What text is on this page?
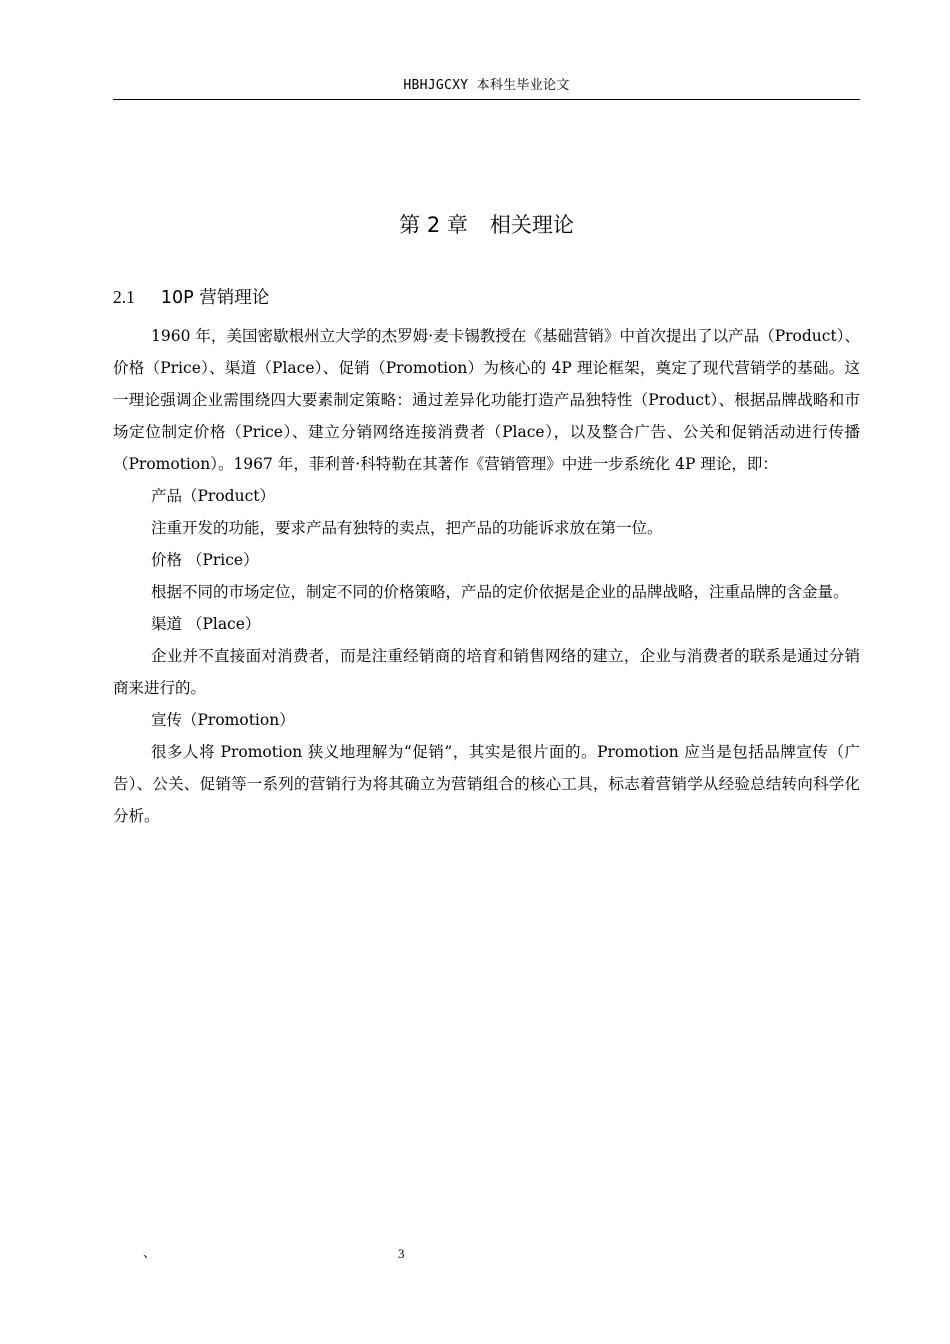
HBHJGCXY 本科生毕业论文
第 2 章 相关理论
2.1 10P 营销理论

1960 年，美国密歇根州立大学的杰罗姆·麦卡锡教授在《基础营销》中首次提出了以产品（Product）、价格（Price）、渠道（Place）、促销（Promotion）为核心的 4P 理论框架，奠定了现代营销学的基础。这一理论强调企业需围绕四大要素制定策略：通过差异化功能打造产品独特性（Product）、根据品牌战略和市场定位制定价格（Price）、建立分销网络连接消费者（Place），以及整合广告、公关和促销活动进行传播（Promotion）。1967 年，菲利普·科特勒在其著作《营销管理》中进一步系统化 4P 理论，即：

产品（Product）

注重开发的功能，要求产品有独特的卖点，把产品的功能诉求放在第一位。

价格 （Price）

根据不同的市场定位，制定不同的价格策略，产品的定价依据是企业的品牌战略，注重品牌的含金量。

渠道 （Place）

企业并不直接面对消费者，而是注重经销商的培育和销售网络的建立，企业与消费者的联系是通过分销商来进行的。

宣传（Promotion）

很多人将 Promotion 狭义地理解为“促销”，其实是很片面的。Promotion 应当是包括品牌宣传（广告）、公关、促销等一系列的营销行为将其确立为营销组合的核心工具，标志着营销学从经验总结转向科学化分析。

、	3
